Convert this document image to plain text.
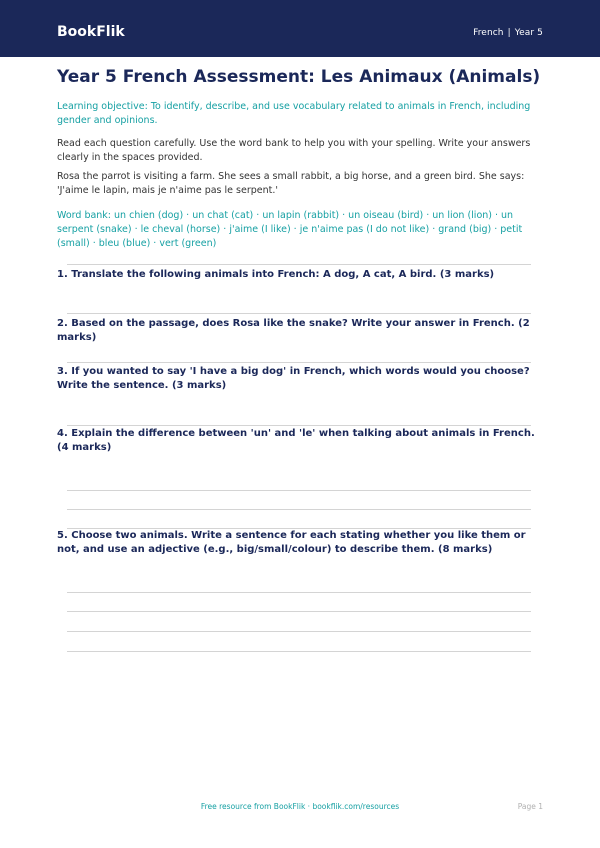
BookFlik	French | Year 5
Year 5 French Assessment: Les Animaux (Animals)

Learning objective: To identify, describe, and use vocabulary related to animals in French, including gender and opinions.

Read each question carefully. Use the word bank to help you with your spelling. Write your answers clearly in the spaces provided.

Rosa the parrot is visiting a farm. She sees a small rabbit, a big horse, and a green bird. She says: 'J'aime le lapin, mais je n'aime pas le serpent.'

Word bank: un chien (dog) · un chat (cat) · un lapin (rabbit) · un oiseau (bird) · un lion (lion) · un serpent (snake) · le cheval (horse) · j'aime (I like) · je n'aime pas (I do not like) · grand (big) · petit (small) · bleu (blue) · vert (green)

1. Translate the following animals into French: A dog, A cat, A bird. (3 marks)

2. Based on the passage, does Rosa like the snake? Write your answer in French. (2 marks)

3. If you wanted to say 'I have a big dog' in French, which words would you choose? Write the sentence. (3 marks)

4. Explain the difference between 'un' and 'le' when talking about animals in French. (4 marks)

5. Choose two animals. Write a sentence for each stating whether you like them or not, and use an adjective (e.g., big/small/colour) to describe them. (8 marks)

Free resource from BookFlik · bookflik.com/resources	Page 1
